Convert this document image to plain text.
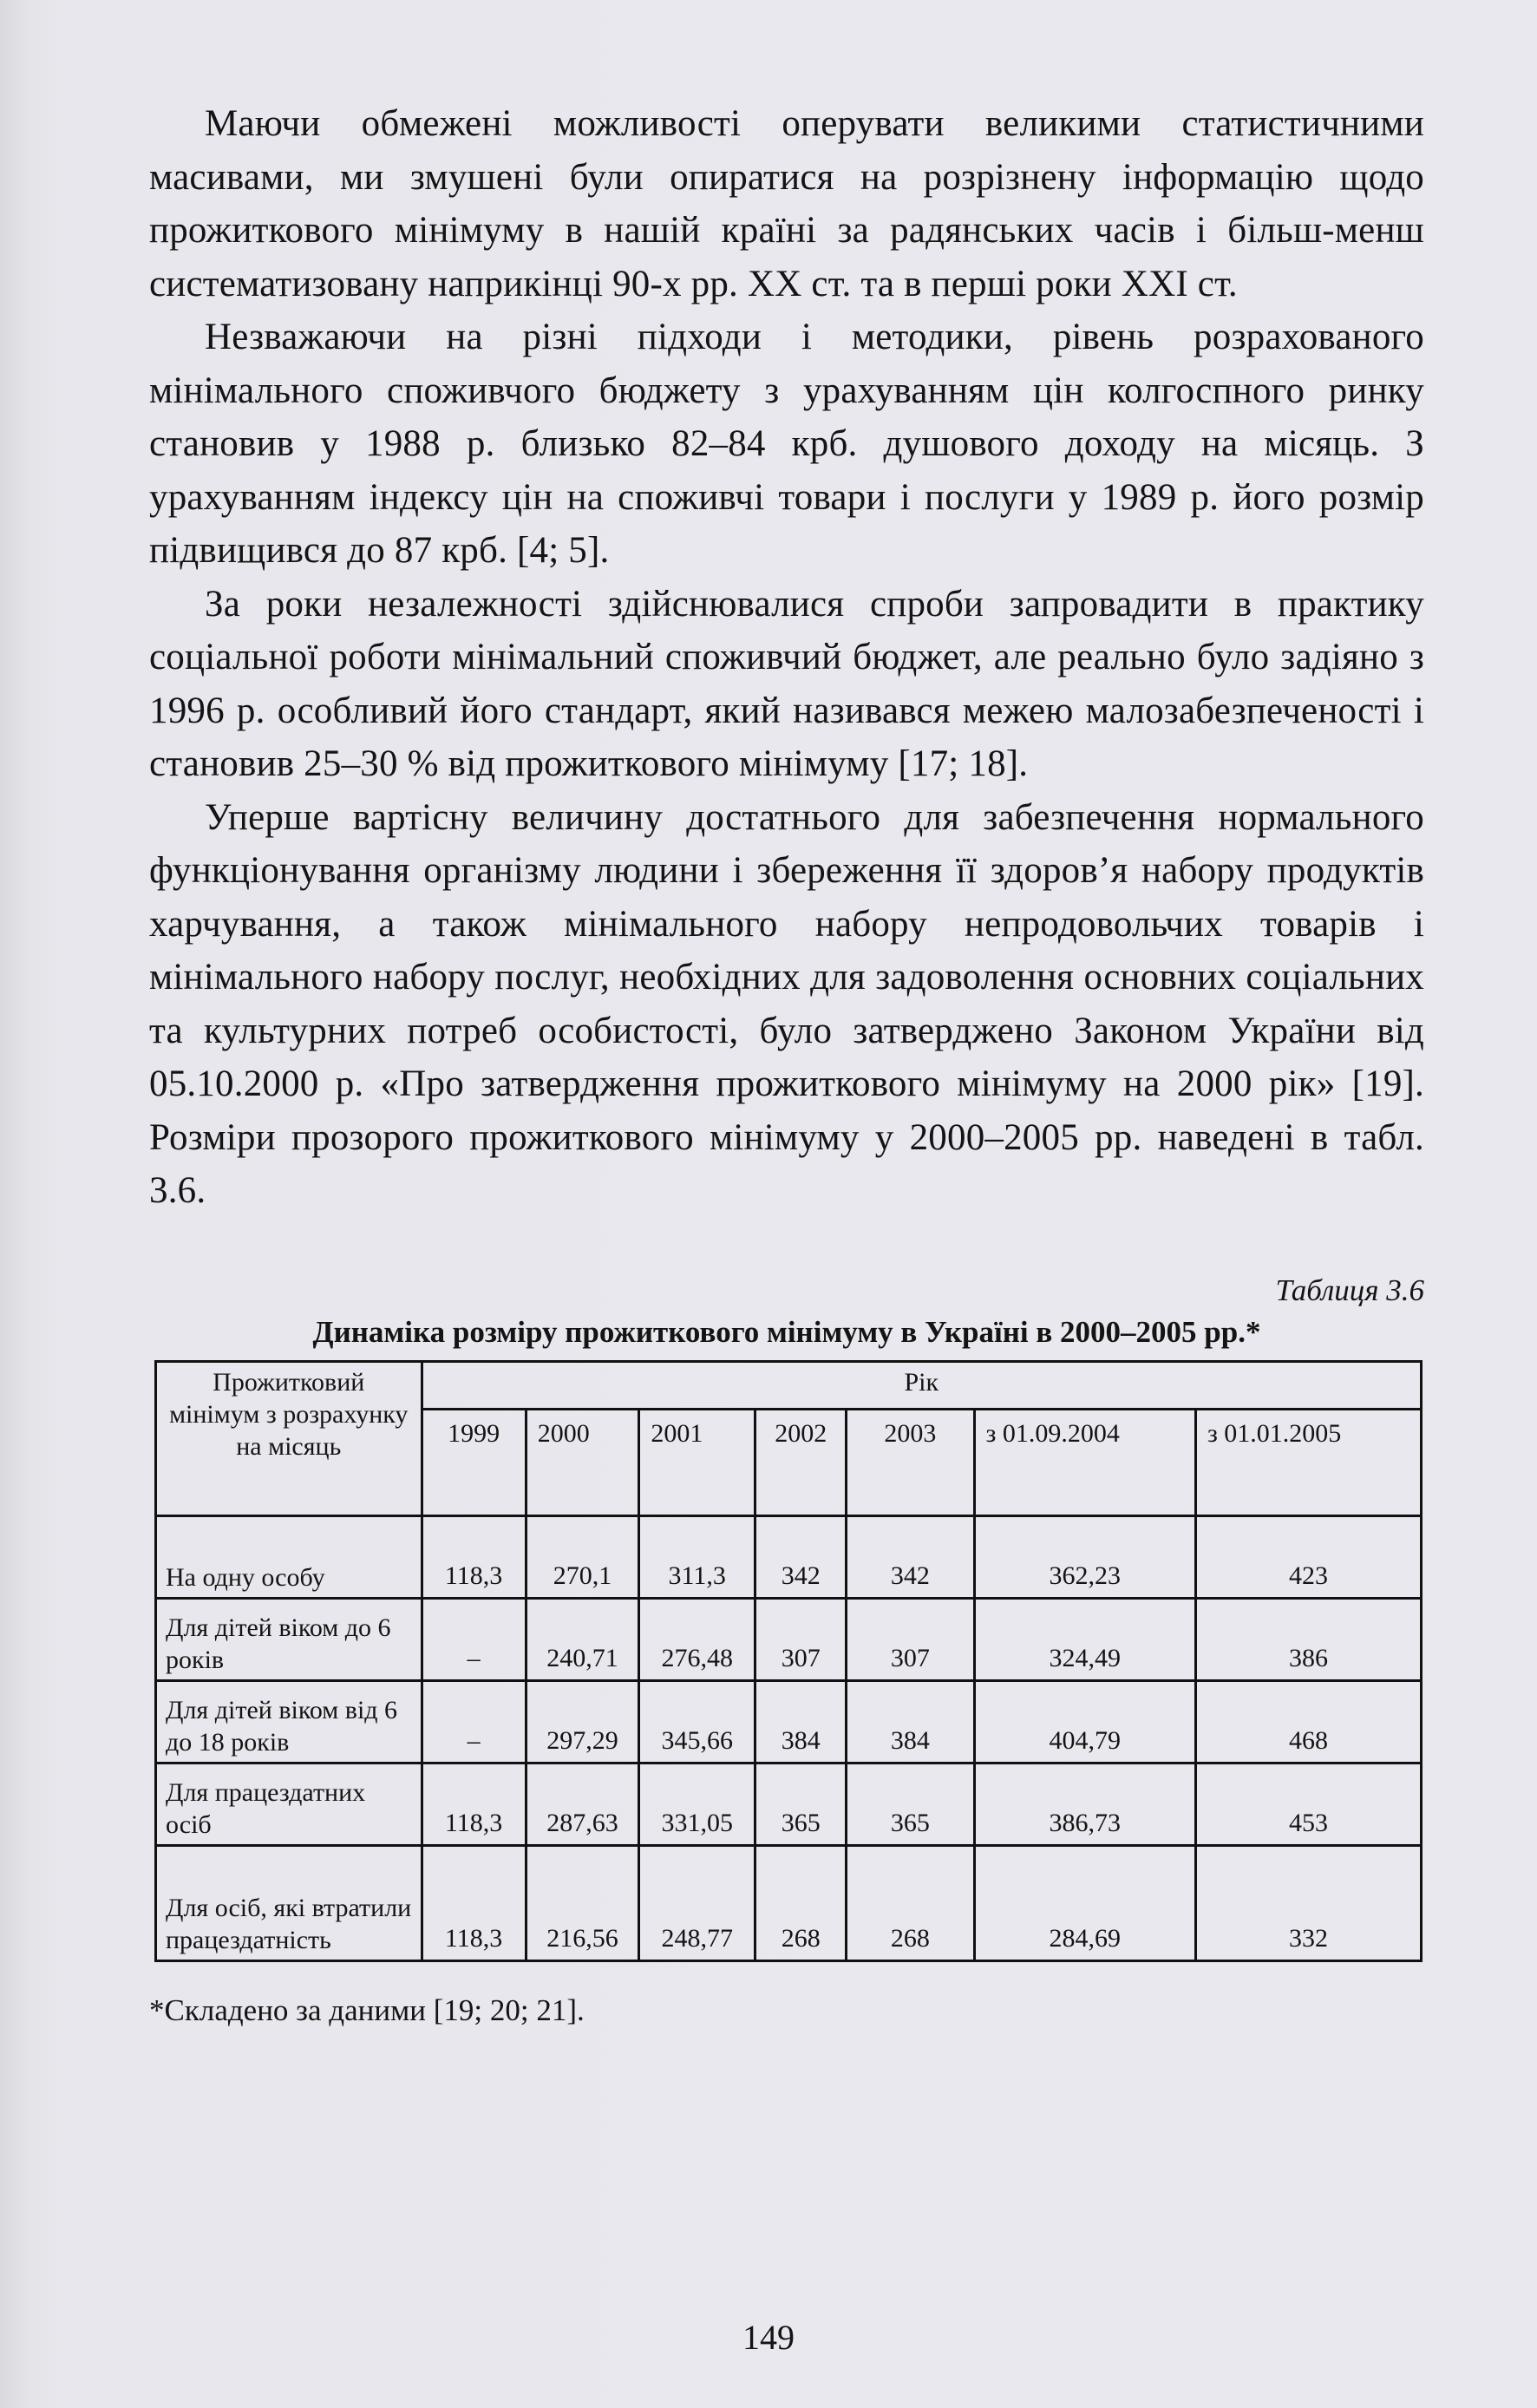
Маючи обмежені можливості оперувати великими статистичними масивами, ми змушені були опиратися на розрізнену інформацію щодо прожиткового мінімуму в нашій країні за радянських часів і більш-менш систематизовану наприкінці 90-х рр. ХХ ст. та в перші роки ХХІ ст.

Незважаючи на різні підходи і методики, рівень розрахованого мінімального споживчого бюджету з урахуванням цін колгоспного ринку становив у 1988 р. близько 82–84 крб. душового доходу на місяць. З урахуванням індексу цін на споживчі товари і послуги у 1989 р. його розмір підвищився до 87 крб. [4; 5].

За роки незалежності здійснювалися спроби запровадити в практику соціальної роботи мінімальний споживчий бюджет, але реально було задіяно з 1996 р. особливий його стандарт, який називався межею малозабезпеченості і становив 25–30 % від прожиткового мінімуму [17; 18].

Уперше вартісну величину достатнього для забезпечення нормального функціонування організму людини і збереження її здоров’я набору продуктів харчування, а також мінімального набору непродовольчих товарів і мінімального набору послуг, необхідних для задоволення основних соціальних та культурних потреб особистості, було затверджено Законом України від 05.10.2000 р. «Про затвердження прожиткового мінімуму на 2000 рік» [19]. Розміри прозорого прожиткового мінімуму у 2000–2005 рр. наведені в табл. 3.6.

Таблиця 3.6
Динаміка розміру прожиткового мінімуму в Україні в 2000–2005 рр.*
Прожитковий мінімум з розрахунку на місяць	Рік						
	1999	2000	2001	2002	2003	з 01.09.2004	з 01.01.2005
На одну особу	118,3	270,1	311,3	342	342	362,23	423
Для дітей віком до 6 років	–	240,71	276,48	307	307	324,49	386
Для дітей віком від 6 до 18 років	–	297,29	345,66	384	384	404,79	468
Для працездатних осіб	118,3	287,63	331,05	365	365	386,73	453
Для осіб, які втратили працездатність	118,3	216,56	248,77	268	268	284,69	332
*Складено за даними [19; 20; 21].
149
